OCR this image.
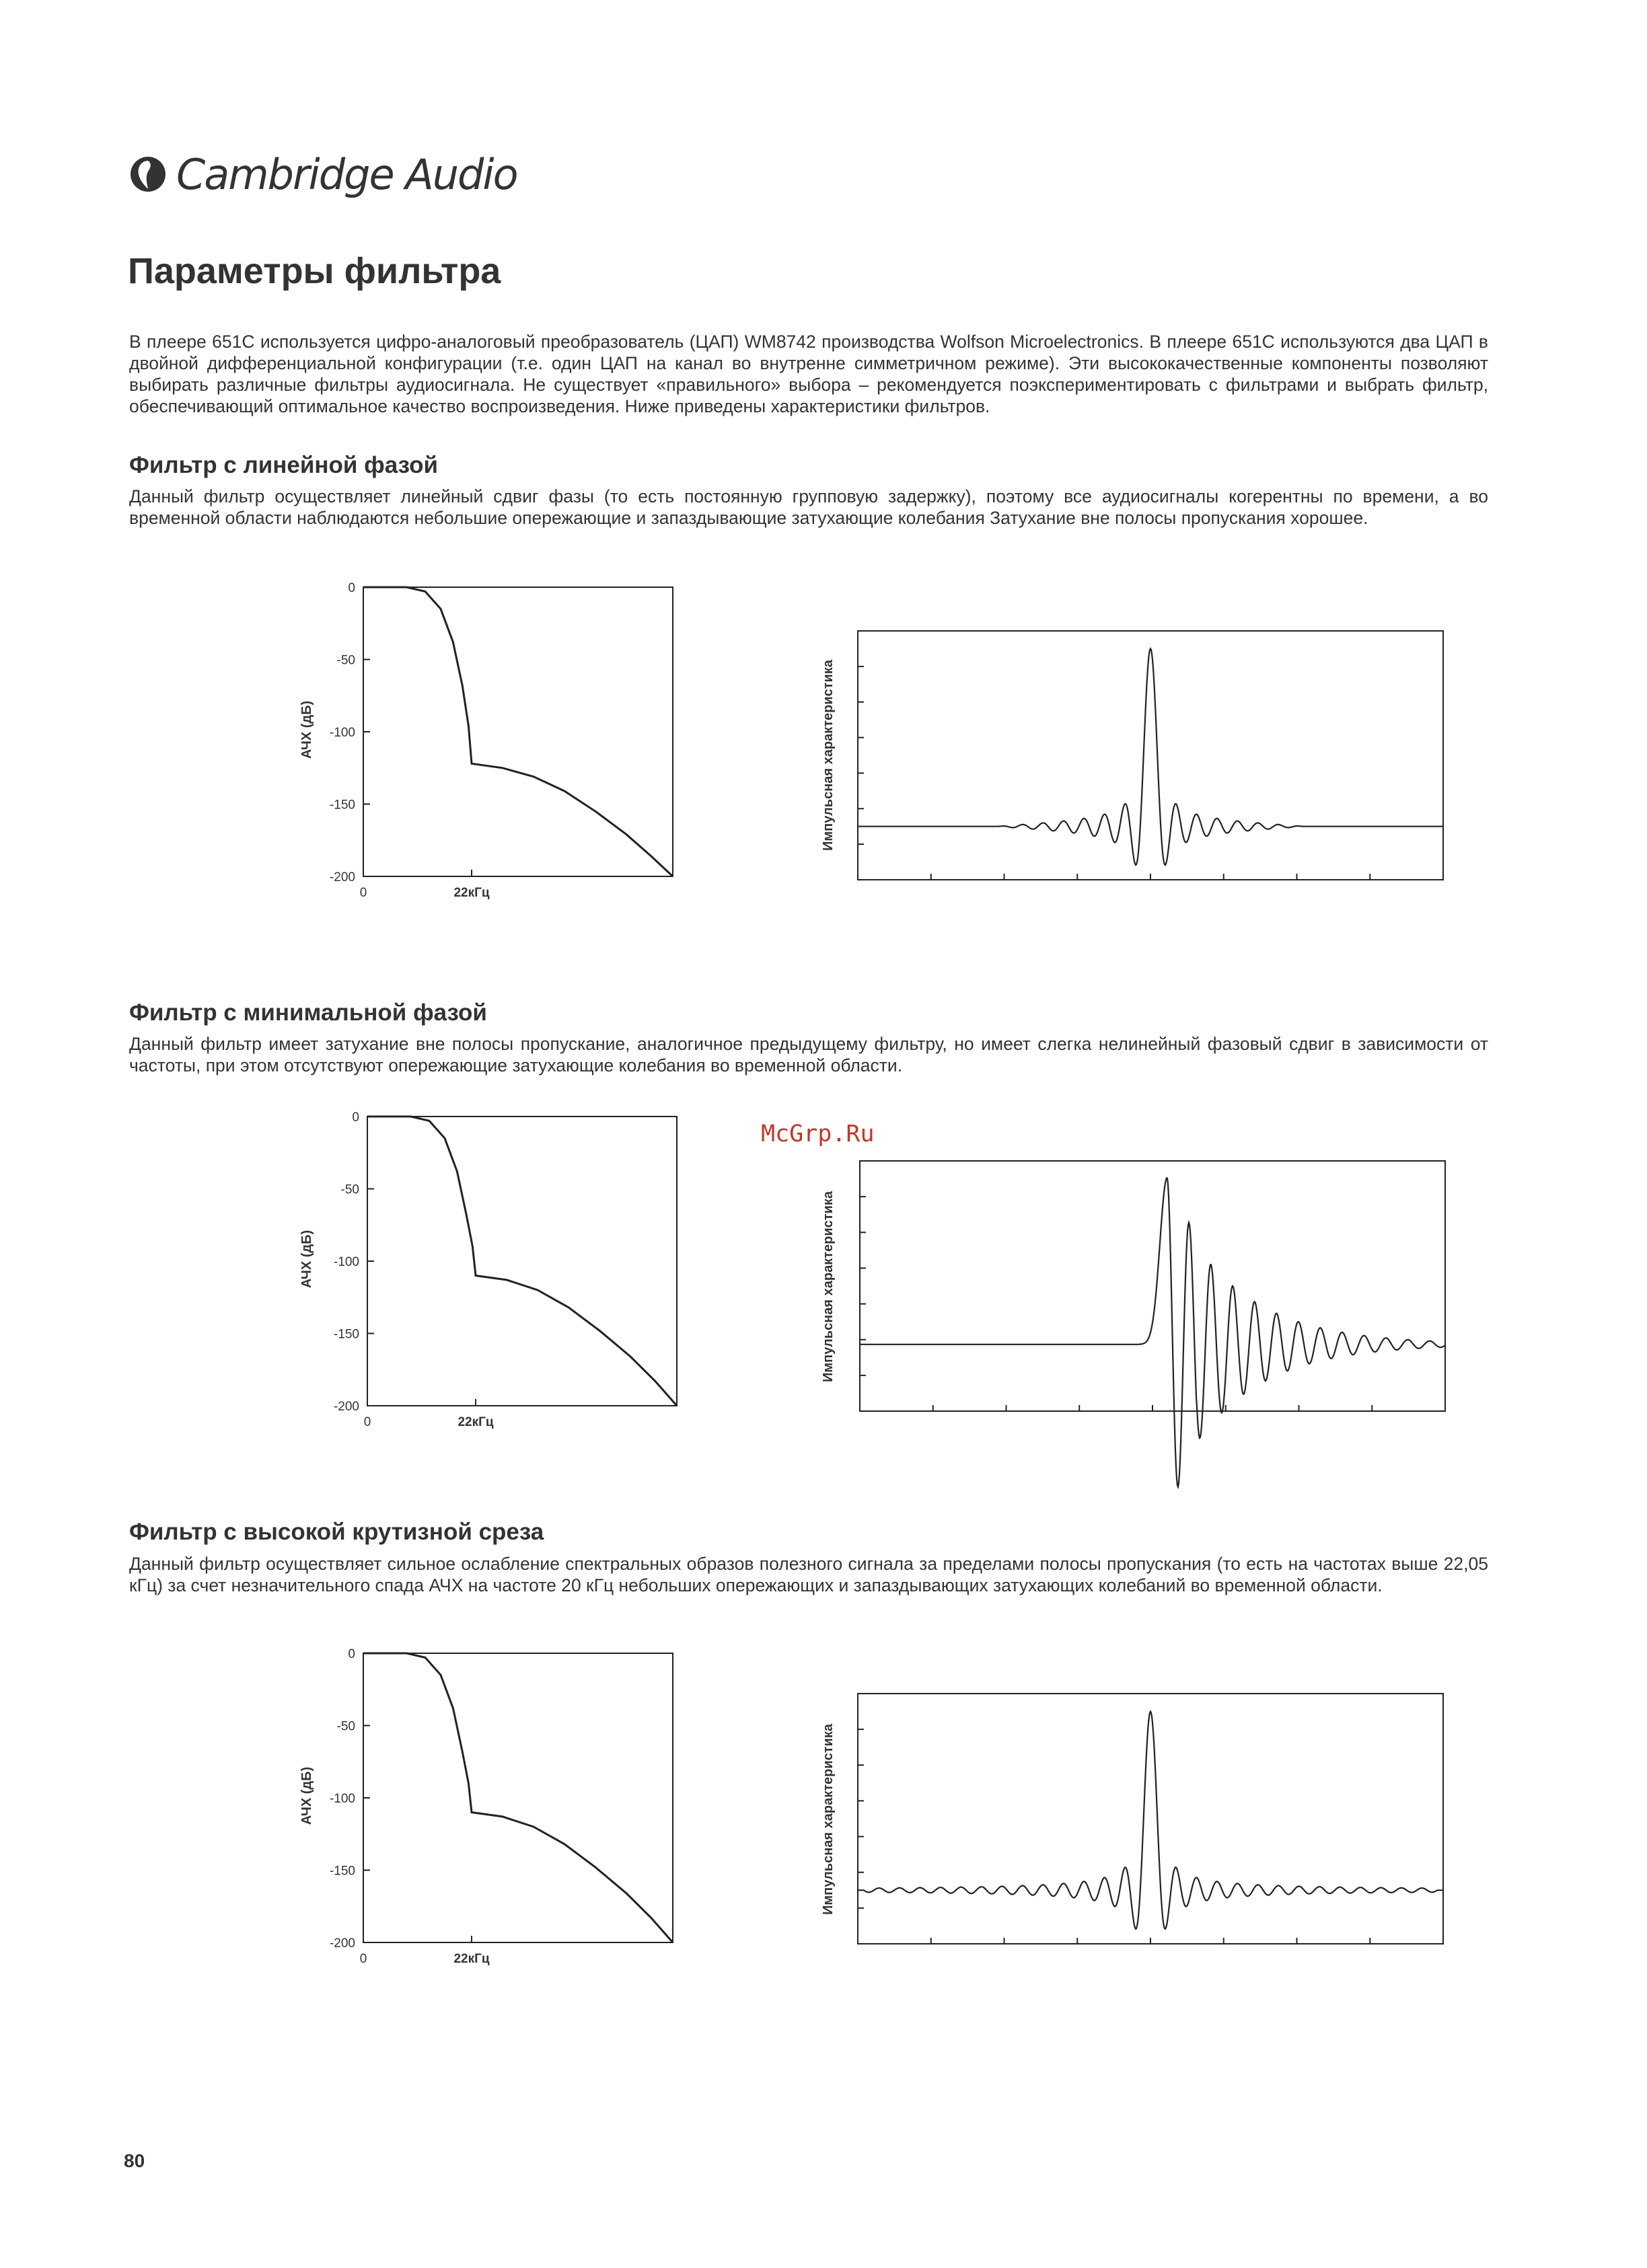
Cambridge Audio
Параметры фильтра

В плеере 651C используется цифро-аналоговый преобразователь (ЦАП) WM8742 производства Wolfson Microelectronics. В плеере 651C используются два ЦАП в двойной дифференциальной конфигурации (т.е. один ЦАП на канал во внутренне симметричном режиме). Эти высококачественные компоненты позволяют выбирать различные фильтры аудиосигнала. Не существует «правильного» выбора – рекомендуется поэкспериментировать с фильтрами и выбрать фильтр, обеспечивающий оптимальное качество воспроизведения. Ниже приведены характеристики фильтров.

Фильтр с линейной фазой

Данный фильтр осуществляет линейный сдвиг фазы (то есть постоянную групповую задержку), поэтому все аудиосигналы когерентны по времени, а во временной области наблюдаются небольшие опережающие и запаздывающие затухающие колебания Затухание вне полосы пропускания хорошее.

0
-50
-100
-150
-200
0	22кГц
АЧХ (дБ)	Импульсная характеристика
Фильтр с минимальной фазой

Данный фильтр имеет затухание вне полосы пропускание, аналогичное предыдущему фильтру, но имеет слегка нелинейный фазовый сдвиг в зависимости от частоты, при этом отсутствуют опережающие затухающие колебания во временной области.

McGrp.Ru

0
-50
-100
-150
-200
0	22кГц
АЧХ (дБ)	Импульсная характеристика
Фильтр с высокой крутизной среза

Данный фильтр осуществляет сильное ослабление спектральных образов полезного сигнала за пределами полосы пропускания (то есть на частотах выше 22,05 кГц) за счет незначительного спада АЧХ на частоте 20 кГц небольших опережающих и запаздывающих затухающих колебаний во временной области.

0
-50
-100
-150
-200
0	22кГц
АЧХ (дБ)	Импульсная характеристика

80
